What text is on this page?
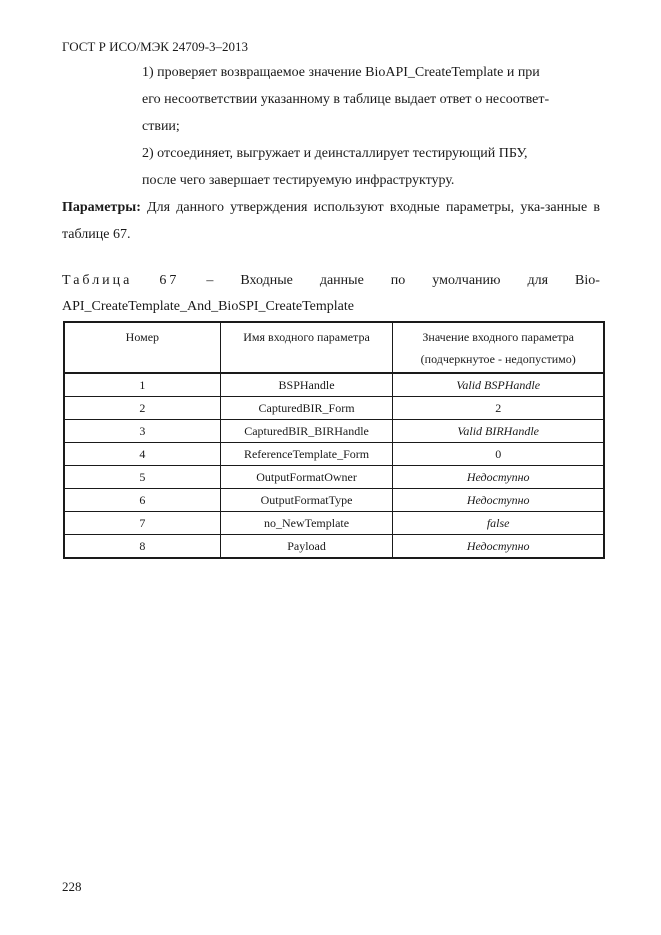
ГОСТ Р ИСО/МЭК 24709-3–2013
1) проверяет возвращаемое значение BioAPI_CreateTemplate и при
его несоответствии указанному в таблице выдает ответ о несоответ-
ствии;
2) отсоединяет, выгружает и деинсталлирует тестирующий ПБУ,
после чего завершает тестируемую инфраструктуру.
Параметры: Для данного утверждения используют входные параметры, ука-занные в таблице 67.
Таблица 67 – Входные данные по умолчанию для Bio-
API_CreateTemplate_And_BioSPI_CreateTemplate
Номер	Имя входного параметра	Значение входного параметра
(подчеркнутое - недопустимо)

1	BSPHandle	Valid BSPHandle
2	CapturedBIR_Form	2
3	CapturedBIR_BIRHandle	Valid BIRHandle
4	ReferenceTemplate_Form	0
5	OutputFormatOwner	Недоступно
6	OutputFormatType	Недоступно
7	no_NewTemplate	false
8	Payload	Недоступно
228
